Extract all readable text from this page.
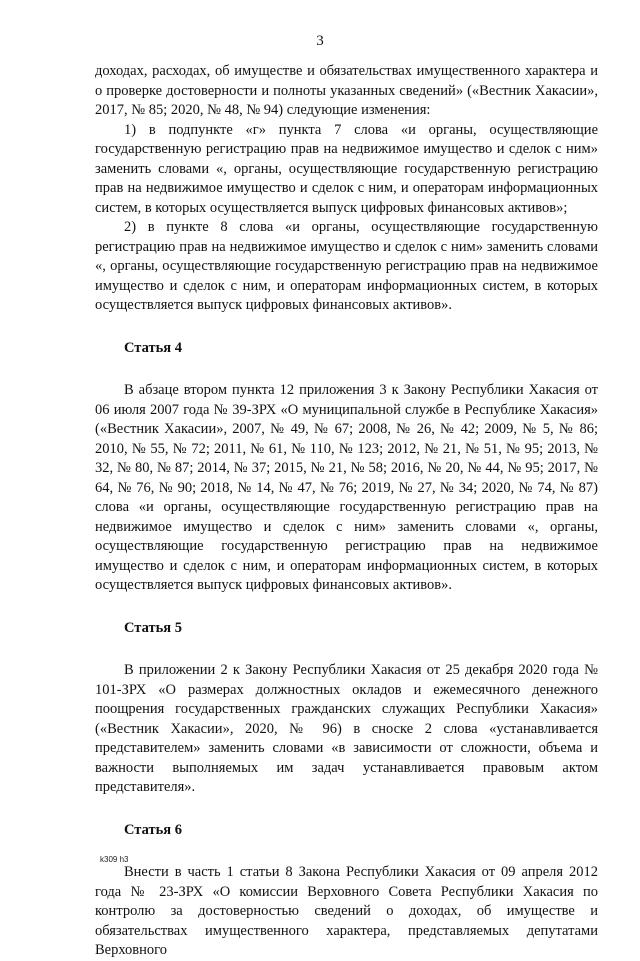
3

доходах, расходах, об имуществе и обязательствах имущественного характера и о проверке достоверности и полноты указанных сведений» («Вестник Хакасии», 2017, № 85; 2020, № 48, № 94) следующие изменения:

1) в подпункте «г» пункта 7 слова «и органы, осуществляющие государственную регистрацию прав на недвижимое имущество и сделок с ним» заменить словами «, органы, осуществляющие государственную регистрацию прав на недвижимое имущество и сделок с ним, и операторам информационных систем, в которых осуществляется выпуск цифровых финансовых активов»;

2) в пункте 8 слова «и органы, осуществляющие государственную регистрацию прав на недвижимое имущество и сделок с ним» заменить словами «, органы, осуществляющие государственную регистрацию прав на недвижимое имущество и сделок с ним, и операторам информационных систем, в которых осуществляется выпуск цифровых финансовых активов».

Статья 4

В абзаце втором пункта 12 приложения 3 к Закону Республики Хакасия от 06 июля 2007 года № 39-ЗРХ «О муниципальной службе в Республике Хакасия» («Вестник Хакасии», 2007, № 49, № 67; 2008, № 26, № 42; 2009, № 5, № 86; 2010, № 55, № 72; 2011, № 61, № 110, № 123; 2012, № 21, № 51, № 95; 2013, № 32, № 80, № 87; 2014, № 37; 2015, № 21, № 58; 2016, № 20, № 44, № 95; 2017, № 64, № 76, № 90; 2018, № 14, № 47, № 76; 2019, № 27, № 34; 2020, № 74, № 87) слова «и органы, осуществляющие государственную регистрацию прав на недвижимое имущество и сделок с ним» заменить словами «, органы, осуществляющие государственную регистрацию прав на недвижимое имущество и сделок с ним, и операторам информационных систем, в которых осуществляется выпуск цифровых финансовых активов».

Статья 5

В приложении 2 к Закону Республики Хакасия от 25 декабря 2020 года № 101-ЗРХ «О размерах должностных окладов и ежемесячного денежного поощрения государственных гражданских служащих Республики Хакасия» («Вестник Хакасии», 2020, № 96) в сноске 2 слова «устанавливается представителем» заменить словами «в зависимости от сложности, объема и важности выполняемых им задач устанавливается правовым актом представителя».

Статья 6

Внести в часть 1 статьи 8 Закона Республики Хакасия от 09 апреля 2012 года № 23-ЗРХ «О комиссии Верховного Совета Республики Хакасия по контролю за достоверностью сведений о доходах, об имуществе и обязательствах имущественного характера, представляемых депутатами Верховного

k309 h3
